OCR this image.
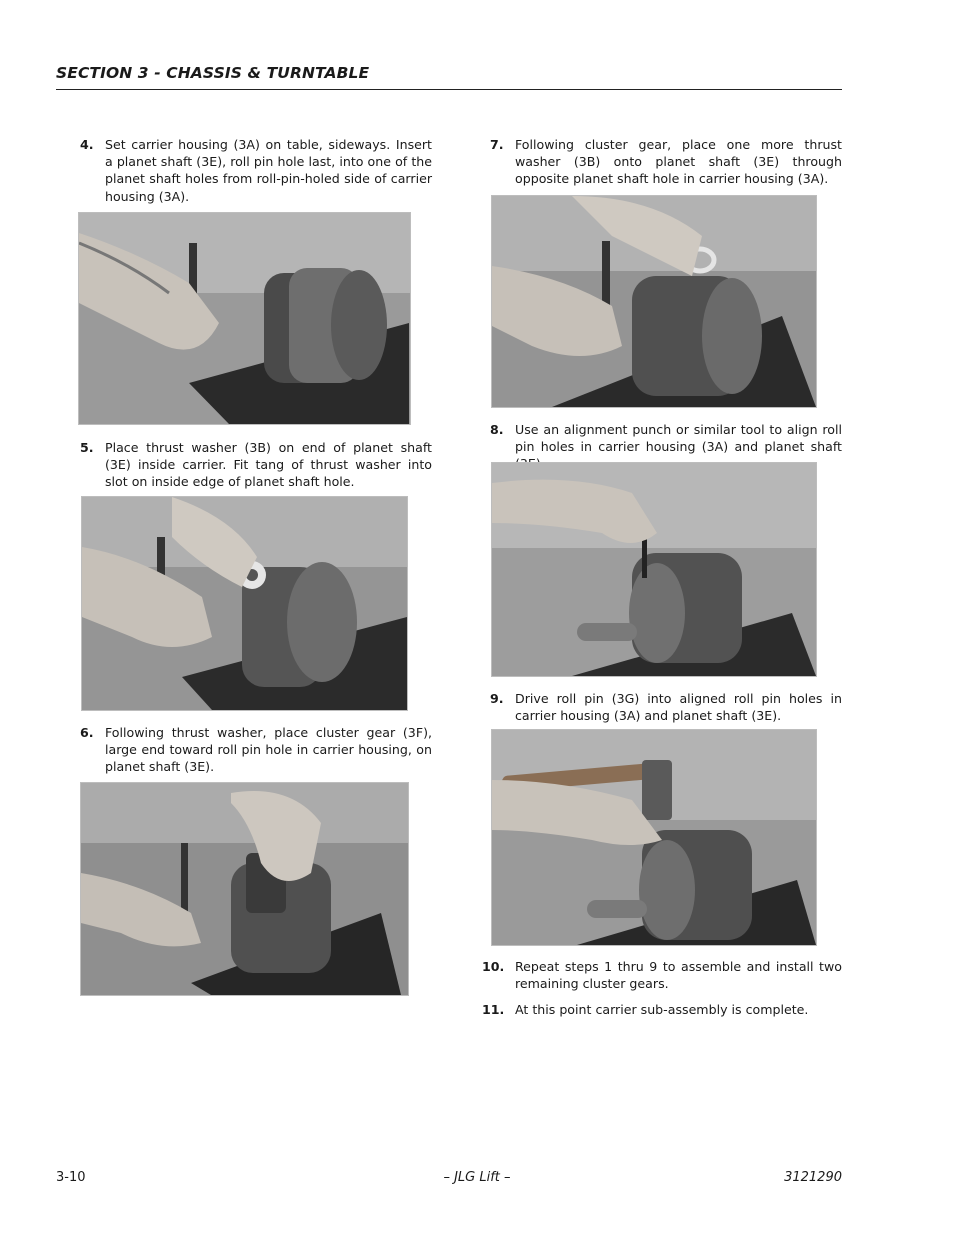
SECTION 3 - CHASSIS & TURNTABLE
4. Set carrier housing (3A) on table, sideways. Insert a planet shaft (3E), roll pin hole last, into one of the planet shaft holes from roll-pin-holed side of carrier housing (3A).
5. Place thrust washer (3B) on end of planet shaft (3E) inside carrier. Fit tang of thrust washer into slot on inside edge of planet shaft hole.
6. Following thrust washer, place cluster gear (3F), large end toward roll pin hole in carrier housing, on planet shaft (3E).
7. Following cluster gear, place one more thrust washer (3B) onto planet shaft (3E) through opposite planet shaft hole in carrier housing (3A).
8. Use an alignment punch or similar tool to align roll pin holes in carrier housing (3A) and planet shaft
9. Drive roll pin (3G) into aligned roll pin holes in carrier housing (3A) and planet shaft (3E).
10. Repeat steps 1 thru 9 to assemble and install two remaining cluster gears.
11. At this point carrier sub-assembly is complete.
3-10	– JLG Lift –	3121290
